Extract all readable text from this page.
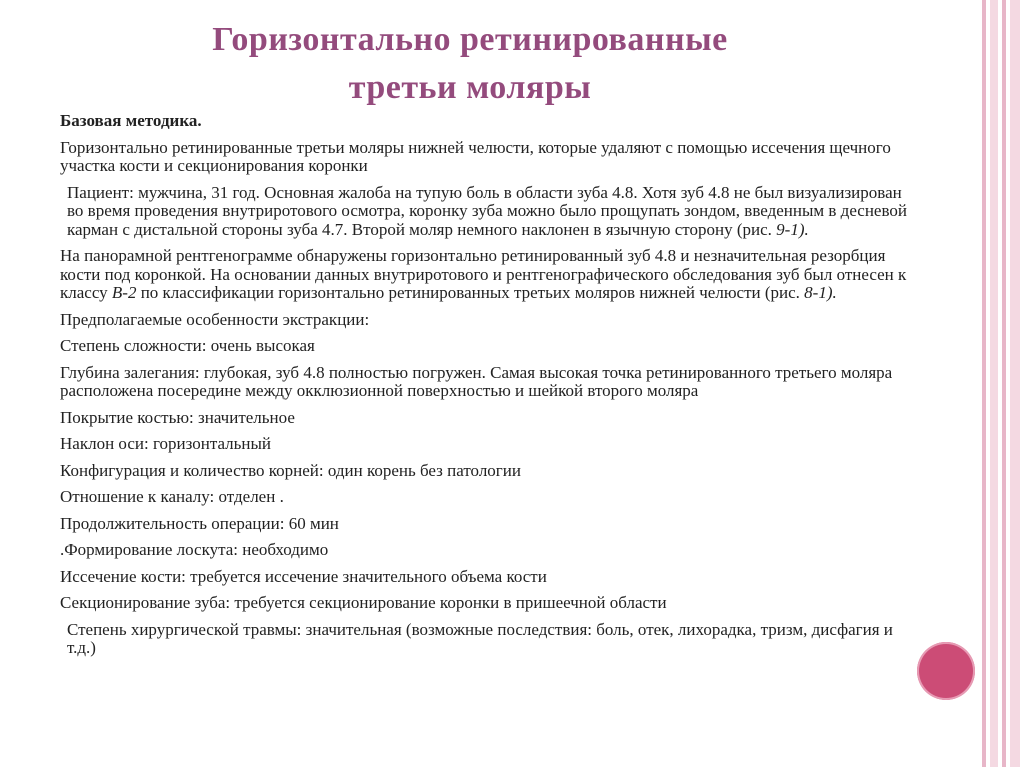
Горизонтально ретинированные
третьи моляры

Базовая методика.

Горизонтально ретинированные третьи моляры нижней челюсти, которые удаляют с помощью иссечения щечного участка кости и секционирования коронки

Пациент: мужчина, 31 год. Основная жалоба на тупую боль в области зуба 4.8. Хотя зуб 4.8 не был визуализирован во время проведения внутриротового осмотра, коронку зуба можно было прощупать зондом, введенным в десневой карман с дистальной стороны зуба 4.7. Второй моляр немного наклонен в язычную сторону (рис. 9-1).

На панорамной рентгенограмме обнаружены горизонтально ретинированный зуб 4.8 и незначительная резорбция кости под коронкой. На основании данных внутриротового и рентгенографического обследования зуб был отнесен к классу В-2 по классификации горизонтально ретинированных третьих моляров нижней челюсти (рис. 8-1).

Предполагаемые особенности экстракции:

Степень сложности: очень высокая

Глубина залегания: глубокая, зуб 4.8 полностью погружен. Самая высокая точка ретинированного третьего моляра расположена посередине между окклюзионной поверхностью и шейкой второго моляра

Покрытие костью: значительное

Наклон оси: горизонтальный

Конфигурация и количество корней: один корень без патологии

Отношение к каналу: отделен .

Продолжительность операции: 60 мин

.Формирование лоскута: необходимо

Иссечение кости: требуется иссечение значительного объема кости

Секционирование зуба: требуется секционирование коронки в пришеечной области

Степень хирургической травмы: значительная (возможные последствия: боль, отек, лихорадка, тризм, дисфагия и т.д.)
